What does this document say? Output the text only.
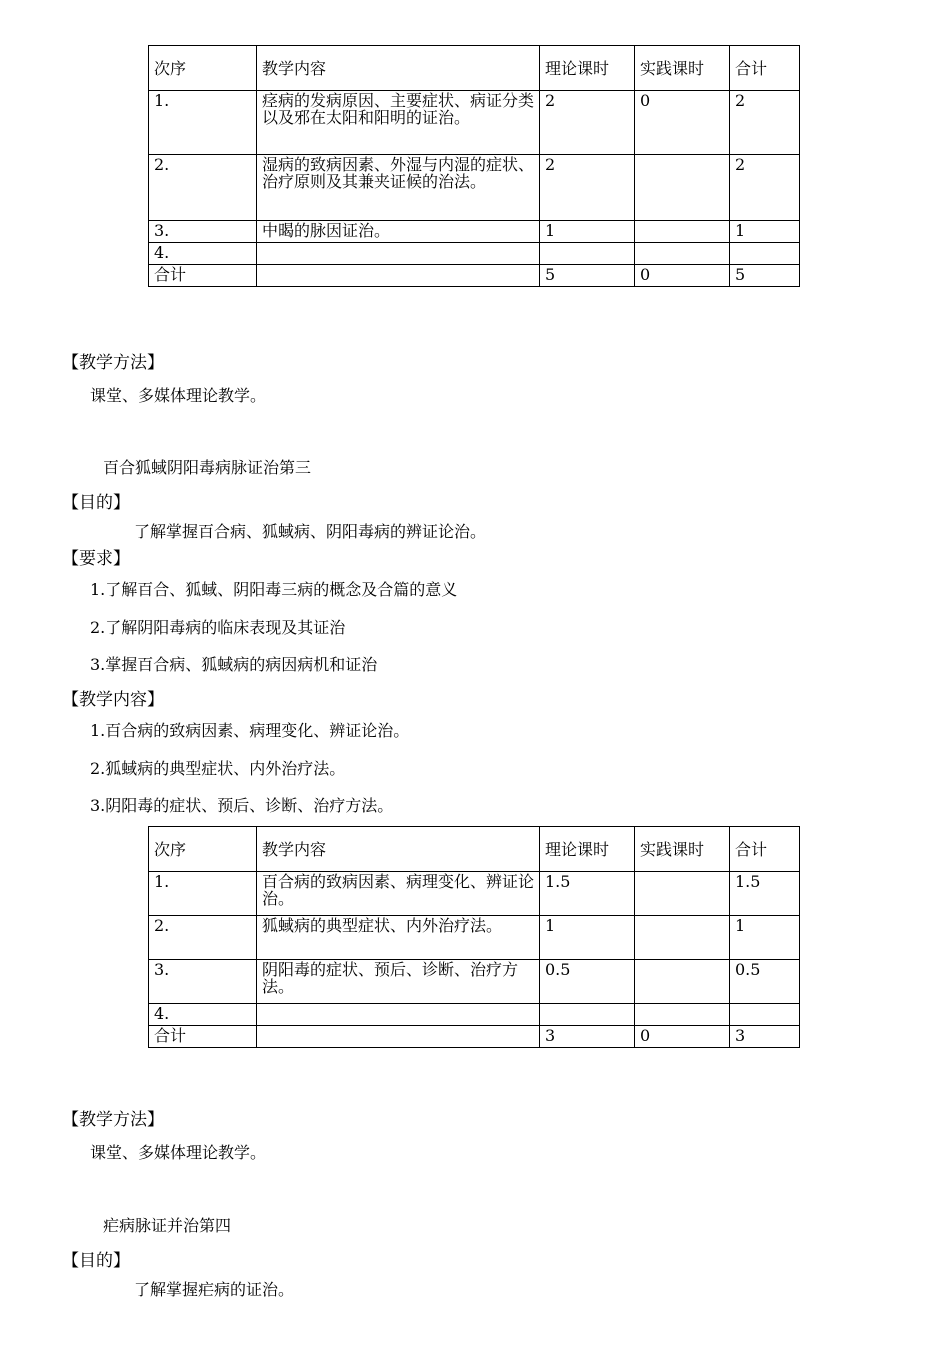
次序	教学内容	理论课时	实践课时	合计
1.	痉病的发病原因、主要症状、病证分类以及邪在太阳和阳明的证治。	2	0	2
2.	湿病的致病因素、外湿与内湿的症状、治疗原则及其兼夹证候的治法。	2		2
3.	中暍的脉因证治。	1		1
4.				
合计		5	0	5
【教学方法】
课堂、多媒体理论教学。
百合狐蜮阴阳毒病脉证治第三
【目的】
了解掌握百合病、狐蜮病、阴阳毒病的辨证论治。
【要求】
1.了解百合、狐蜮、阴阳毒三病的概念及合篇的意义
2.了解阴阳毒病的临床表现及其证治
3.掌握百合病、狐蜮病的病因病机和证治
【教学内容】
1.百合病的致病因素、病理变化、辨证论治。
2.狐蜮病的典型症状、内外治疗法。
3.阴阳毒的症状、预后、诊断、治疗方法。
次序	教学内容	理论课时	实践课时	合计
1.	百合病的致病因素、病理变化、辨证论治。	1.5		1.5
2.	狐蜮病的典型症状、内外治疗法。	1		1
3.	阴阳毒的症状、预后、诊断、治疗方法。	0.5		0.5
4.				
合计		3	0	3
【教学方法】
课堂、多媒体理论教学。
疟病脉证并治第四
【目的】
了解掌握疟病的证治。
